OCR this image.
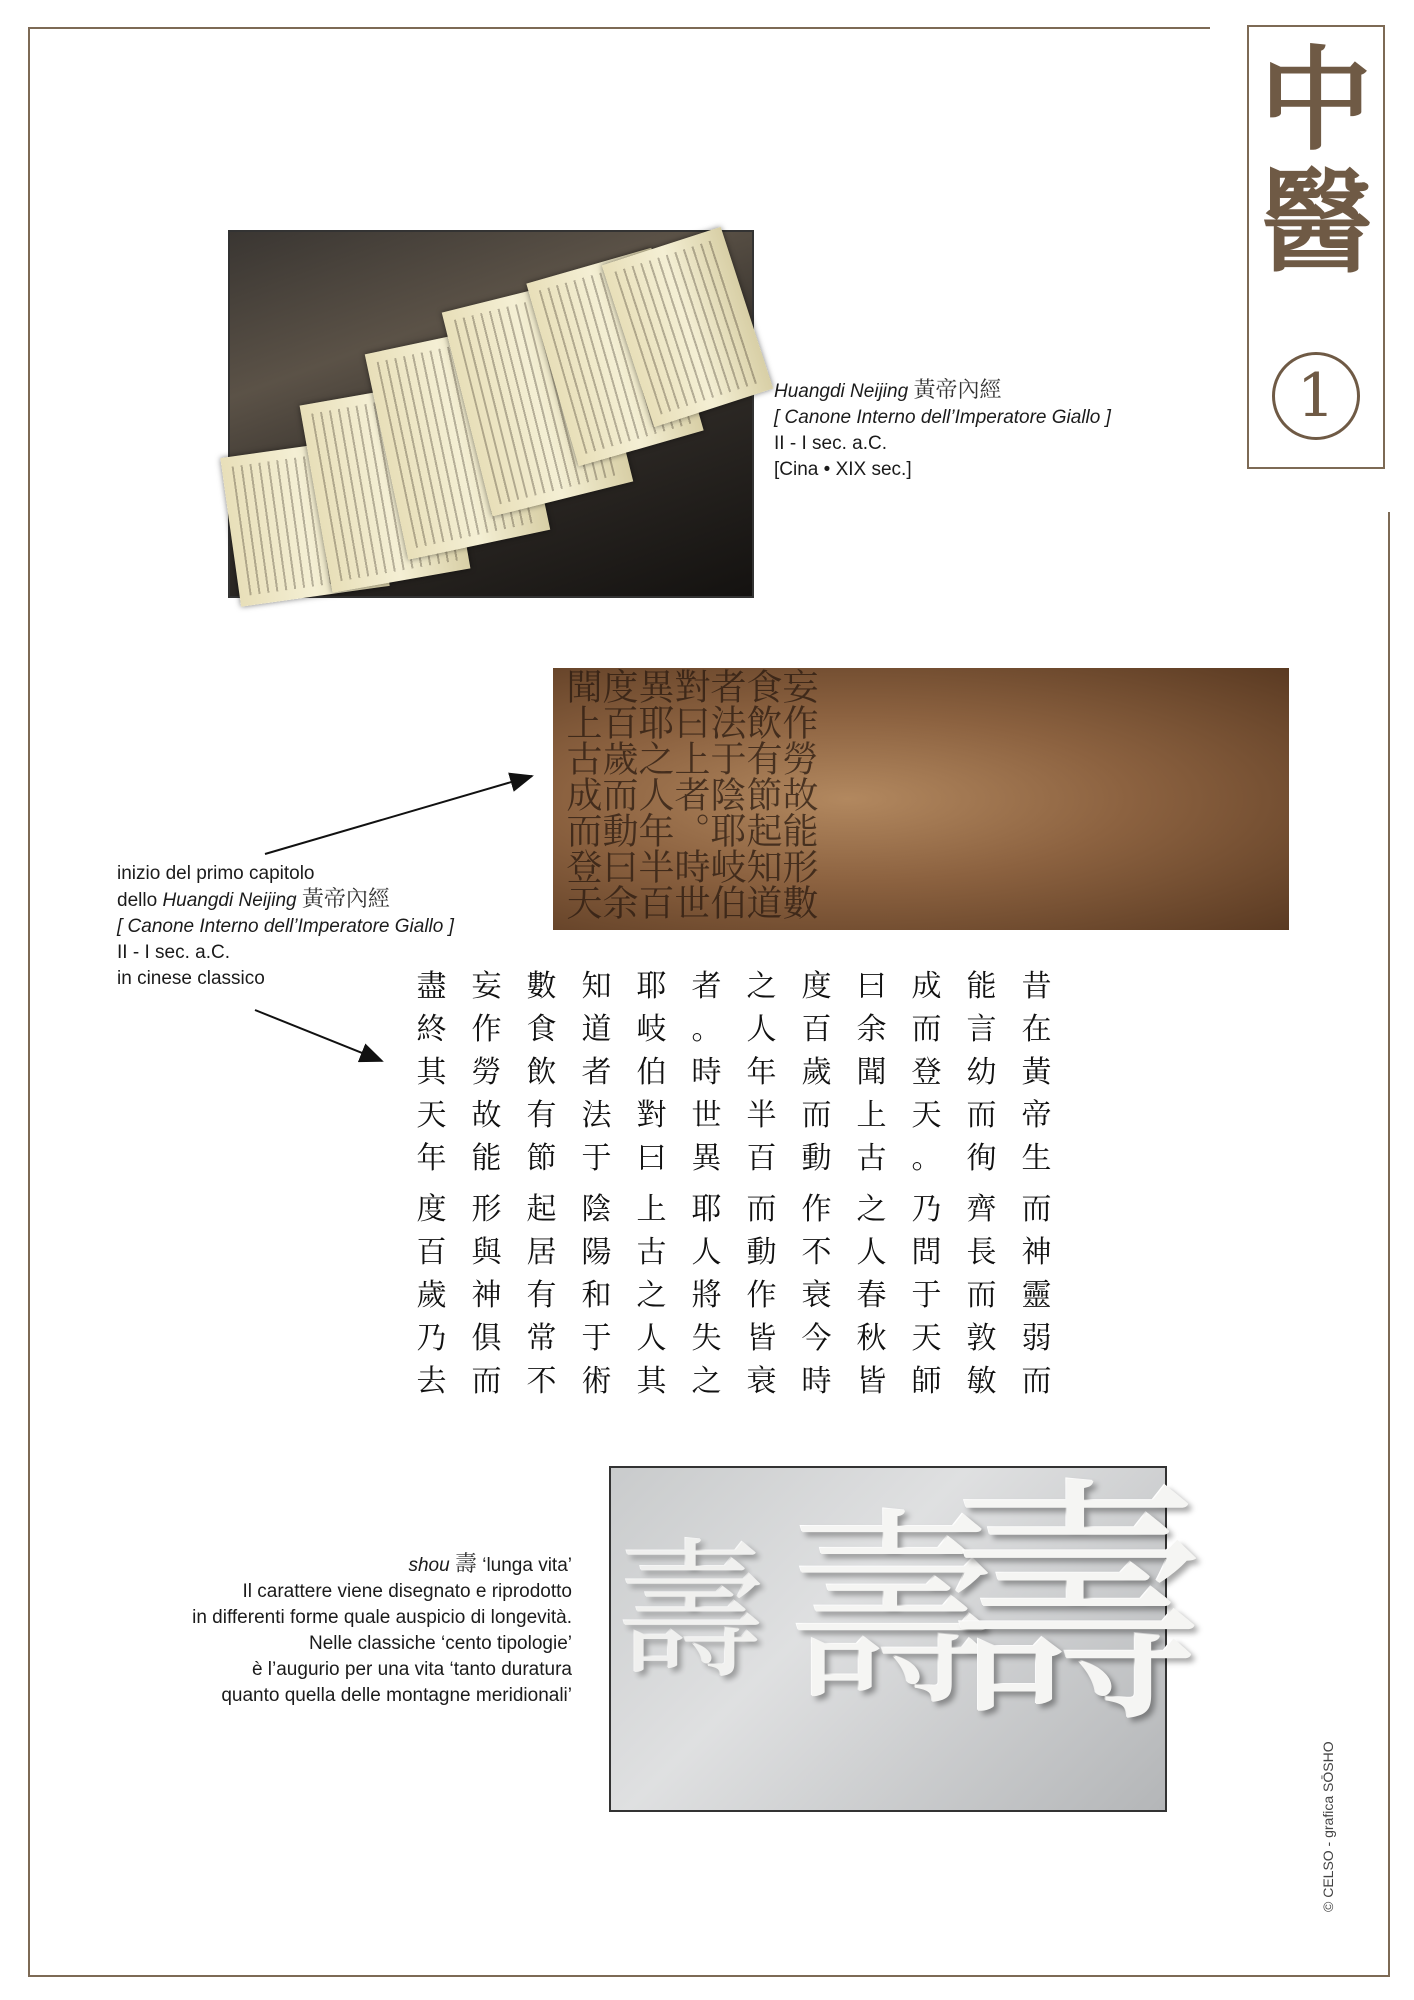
中
醫
1
Huangdi Neijing 黃帝內經
[ Canone Interno dell’Imperatore Giallo ]
II - I sec. a.C.
[Cina • XIX sec.]
妄作勞故能形數食飲有節起知道者法于陰耶岐伯對曰上者。時世異耶之人年半百度百歲而動曰余聞上古成而登天
inizio del primo capitolo
dello Huangdi Neijing 黃帝內經
[ Canone Interno dell’Imperatore Giallo ]
II - I sec. a.C.
in cinese classico	昔
在
黃
帝
生
而
神
靈
弱
而
能
言
幼
而
徇
齊
長
而
敦
敏
成
而
登
天
。
乃
問
于
天
師
曰
余
聞
上
古
之
人
春
秋
皆
度
百
歲
而
動
作
不
衰
今
時
之
人
年
半
百
而
動
作
皆
衰
者
。
時
世
異
耶
人
將
失
之
耶
岐
伯
對
曰
上
古
之
人
其
知
道
者
法
于
陰
陽
和
于
術
數
食
飲
有
節
起
居
有
常
不
妄
作
勞
故
能
形
與
神
俱
而
盡
終
其
天
年
度
百
歲
乃
去
壽 壽
壽
shou 壽 ‘lunga vita’
Il carattere viene disegnato e riprodotto
in differenti forme quale auspicio di longevità.
Nelle classiche ‘cento tipologie’
è l’augurio per una vita ‘tanto duratura
quanto quella delle montagne meridionali’
© CELSO - grafica SŌSHO
